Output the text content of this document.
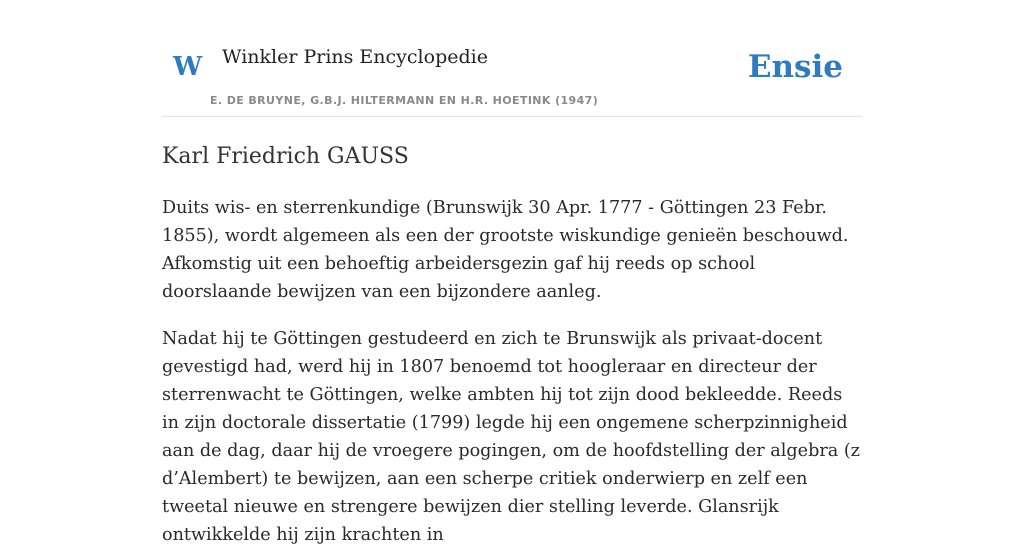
W Winkler Prins Encyclopedie
E. DE BRUYNE, G.B.J. HILTERMANN EN H.R. HOETINK (1947)
Ensie
Karl Friedrich GAUSS

Duits wis- en sterrenkundige (Brunswijk 30 Apr. 1777 - Göttingen 23 Febr. 1855), wordt algemeen als een der grootste wiskundige genieën beschouwd. Afkomstig uit een behoeftig arbeidersgezin gaf hij reeds op school doorslaande bewijzen van een bijzondere aanleg.

Nadat hij te Göttingen gestudeerd en zich te Brunswijk als privaat-docent gevestigd had, werd hij in 1807 benoemd tot hoogleraar en directeur der sterrenwacht te Göttingen, welke ambten hij tot zijn dood bekleedde. Reeds in zijn doctorale dissertatie (1799) legde hij een ongemene scherpzinnigheid aan de dag, daar hij de vroegere pogingen, om de hoofdstelling der algebra (z d’Alembert) te bewijzen, aan een scherpe critiek onderwierp en zelf een tweetal nieuwe en strengere bewijzen dier stelling leverde. Glansrijk ontwikkelde hij zijn krachten in
